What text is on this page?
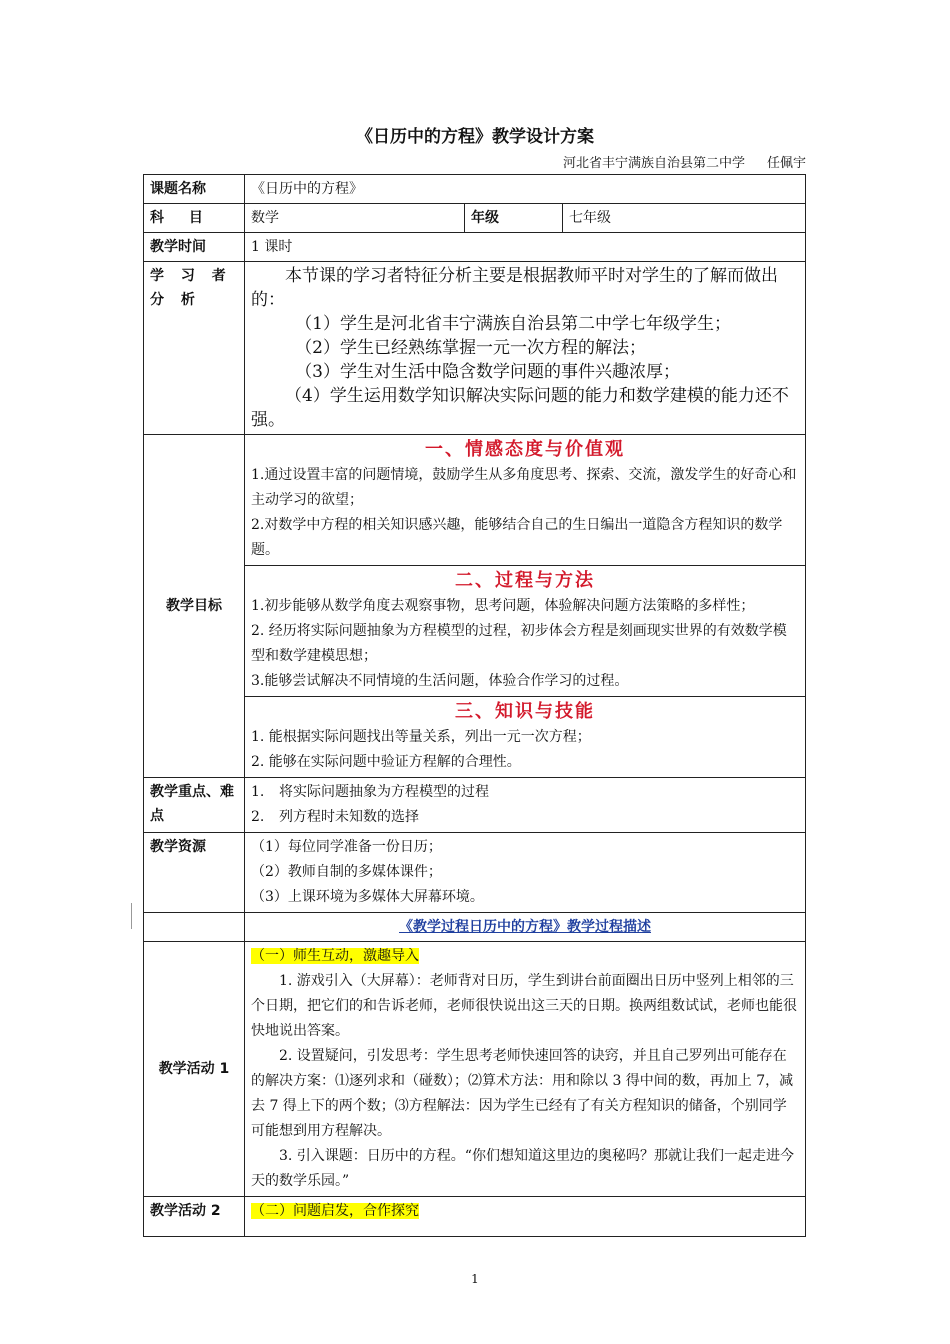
《日历中的方程》教学设计方案
河北省丰宁满族自治县第二中学 任佩宇
课题名称	《日历中的方程》		
科 目	数学	年级	七年级
教学时间	1 课时		
学 习 者 分 析	本节课的学习者特征分析主要是根据教师平时对学生的了解而做出的：

（1）学生是河北省丰宁满族自治县第二中学七年级学生；

（2）学生已经熟练掌握一元一次方程的解法；

（3）学生对生活中隐含数学问题的事件兴趣浓厚；

（4）学生运用数学知识解决实际问题的能力和数学建模的能力还不强。		

教学目标	一、情感态度与价值观

1.通过设置丰富的问题情境，鼓励学生从多角度思考、探索、交流，激发学生的好奇心和主动学习的欲望；

2.对数学中方程的相关知识感兴趣，能够结合自己的生日编出一道隐含方程知识的数学题。		

	二、过程与方法

1.初步能够从数学角度去观察事物，思考问题，体验解决问题方法策略的多样性；

2. 经历将实际问题抽象为方程模型的过程，初步体会方程是刻画现实世界的有效数学模型和数学建模思想；

3.能够尝试解决不同情境的生活问题，体验合作学习的过程。		

	三、知识与技能

1. 能根据实际问题找出等量关系，列出一元一次方程；

2. 能够在实际问题中验证方程解的合理性。		

教学重点、难点	1. 将实际问题抽象为方程模型的过程

2. 列方程时未知数的选择		

教学资源	（1）每位同学准备一份日历；

（2）教师自制的多媒体课件；

（3）上课环境为多媒体大屏幕环境。		

	《教学过程日历中的方程》教学过程描述		
教学活动 1	（一）师生互动，激趣导入

1. 游戏引入（大屏幕）：老师背对日历，学生到讲台前面圈出日历中竖列上相邻的三个日期，把它们的和告诉老师，老师很快说出这三天的日期。换两组数试试，老师也能很快地说出答案。

2. 设置疑问，引发思考：学生思考老师快速回答的诀窍，并且自己罗列出可能存在的解决方案：⑴逐列求和（碰数）；⑵算术方法：用和除以 3 得中间的数，再加上 7，减去 7 得上下的两个数；⑶方程解法：因为学生已经有了有关方程知识的储备，个别同学可能想到用方程解决。

3. 引入课题：日历中的方程。“你们想知道这里边的奥秘吗？那就让我们一起走进今天的数学乐园。”		

教学活动 2	（二）问题启发，合作探究		

1
